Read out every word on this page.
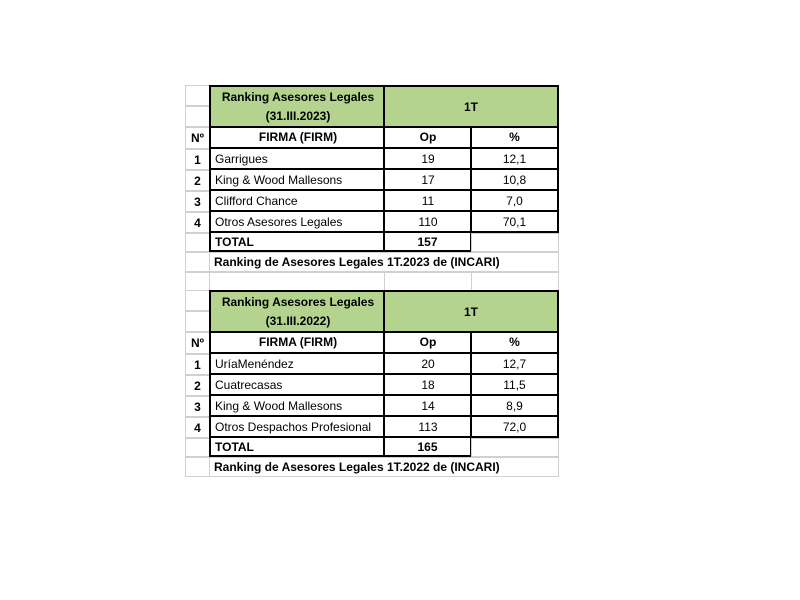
Ranking Asesores Legales
(31.III.2023)
1T
Nº	FIRMA (FIRM)	Op	%
1	Garrigues	19	12,1
2	King & Wood Mallesons	17	10,8
3	Clifford Chance	11	7,0
4	Otros Asesores Legales	110	70,1
TOTAL	157
Ranking de Asesores Legales 1T.2023 de (INCARI)
Ranking Asesores Legales
(31.III.2022)
1T
Nº	FIRMA (FIRM)	Op	%
1	UríaMenéndez	20	12,7
2	Cuatrecasas	18	11,5
3	King & Wood Mallesons	14	8,9
4	Otros Despachos Profesional	113	72,0
TOTAL	165
Ranking de Asesores Legales 1T.2022 de (INCARI)
